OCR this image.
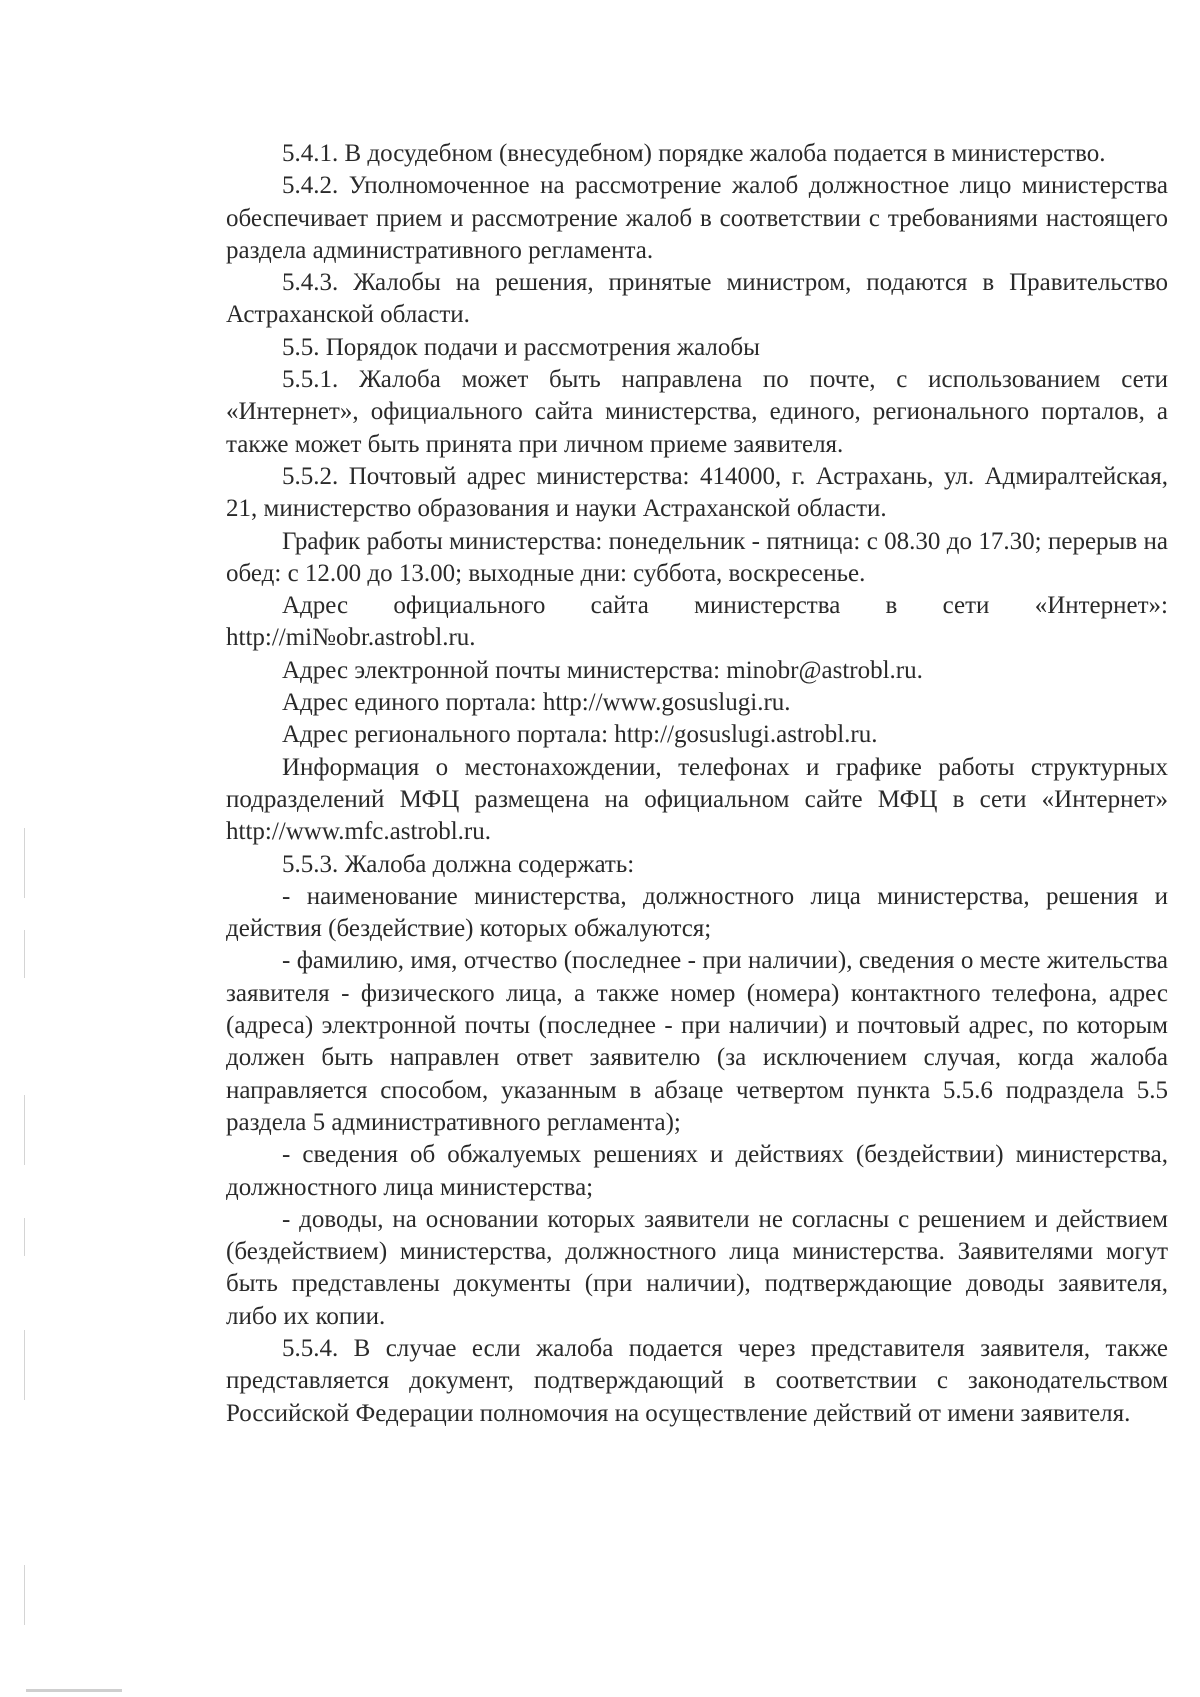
5.4.1. В досудебном (внесудебном) порядке жалоба подается в министерство.

5.4.2. Уполномоченное на рассмотрение жалоб должностное лицо министерства обеспечивает прием и рассмотрение жалоб в соответствии с требованиями настоящего раздела административного регламента.

5.4.3. Жалобы на решения, принятые министром, подаются в Правительство Астраханской области.

5.5. Порядок подачи и рассмотрения жалобы

5.5.1. Жалоба может быть направлена по почте, с использованием сети «Интернет», официального сайта министерства, единого, регионального порталов, а также может быть принята при личном приеме заявителя.

5.5.2. Почтовый адрес министерства: 414000, г. Астрахань, ул. Адмиралтейская, 21, министерство образования и науки Астраханской области.

График работы министерства: понедельник - пятница: с 08.30 до 17.30; перерыв на обед: с 12.00 до 13.00; выходные дни: суббота, воскресенье.

Адрес официального сайта министерства в сети «Интернет»: http://mi№obr.astrobl.ru.

Адрес электронной почты министерства: minobr@astrobl.ru.

Адрес единого портала: http://www.gosuslugi.ru.

Адрес регионального портала: http://gosuslugi.astrobl.ru.

Информация о местонахождении, телефонах и графике работы структурных подразделений МФЦ размещена на официальном сайте МФЦ в сети «Интернет» http://www.mfc.astrobl.ru.

5.5.3. Жалоба должна содержать:

- наименование министерства, должностного лица министерства, решения и действия (бездействие) которых обжалуются;

- фамилию, имя, отчество (последнее - при наличии), сведения о месте жительства заявителя - физического лица, а также номер (номера) контактного телефона, адрес (адреса) электронной почты (последнее - при наличии) и почтовый адрес, по которым должен быть направлен ответ заявителю (за исключением случая, когда жалоба направляется способом, указанным в абзаце четвертом пункта 5.5.6 подраздела 5.5 раздела 5 административного регламента);

- сведения об обжалуемых решениях и действиях (бездействии) министерства, должностного лица министерства;

- доводы, на основании которых заявители не согласны с решением и действием (бездействием) министерства, должностного лица министерства. Заявителями могут быть представлены документы (при наличии), подтверждающие доводы заявителя, либо их копии.

5.5.4. В случае если жалоба подается через представителя заявителя, также представляется документ, подтверждающий в соответствии с законодательством Российской Федерации полномочия на осуществление действий от имени заявителя.
